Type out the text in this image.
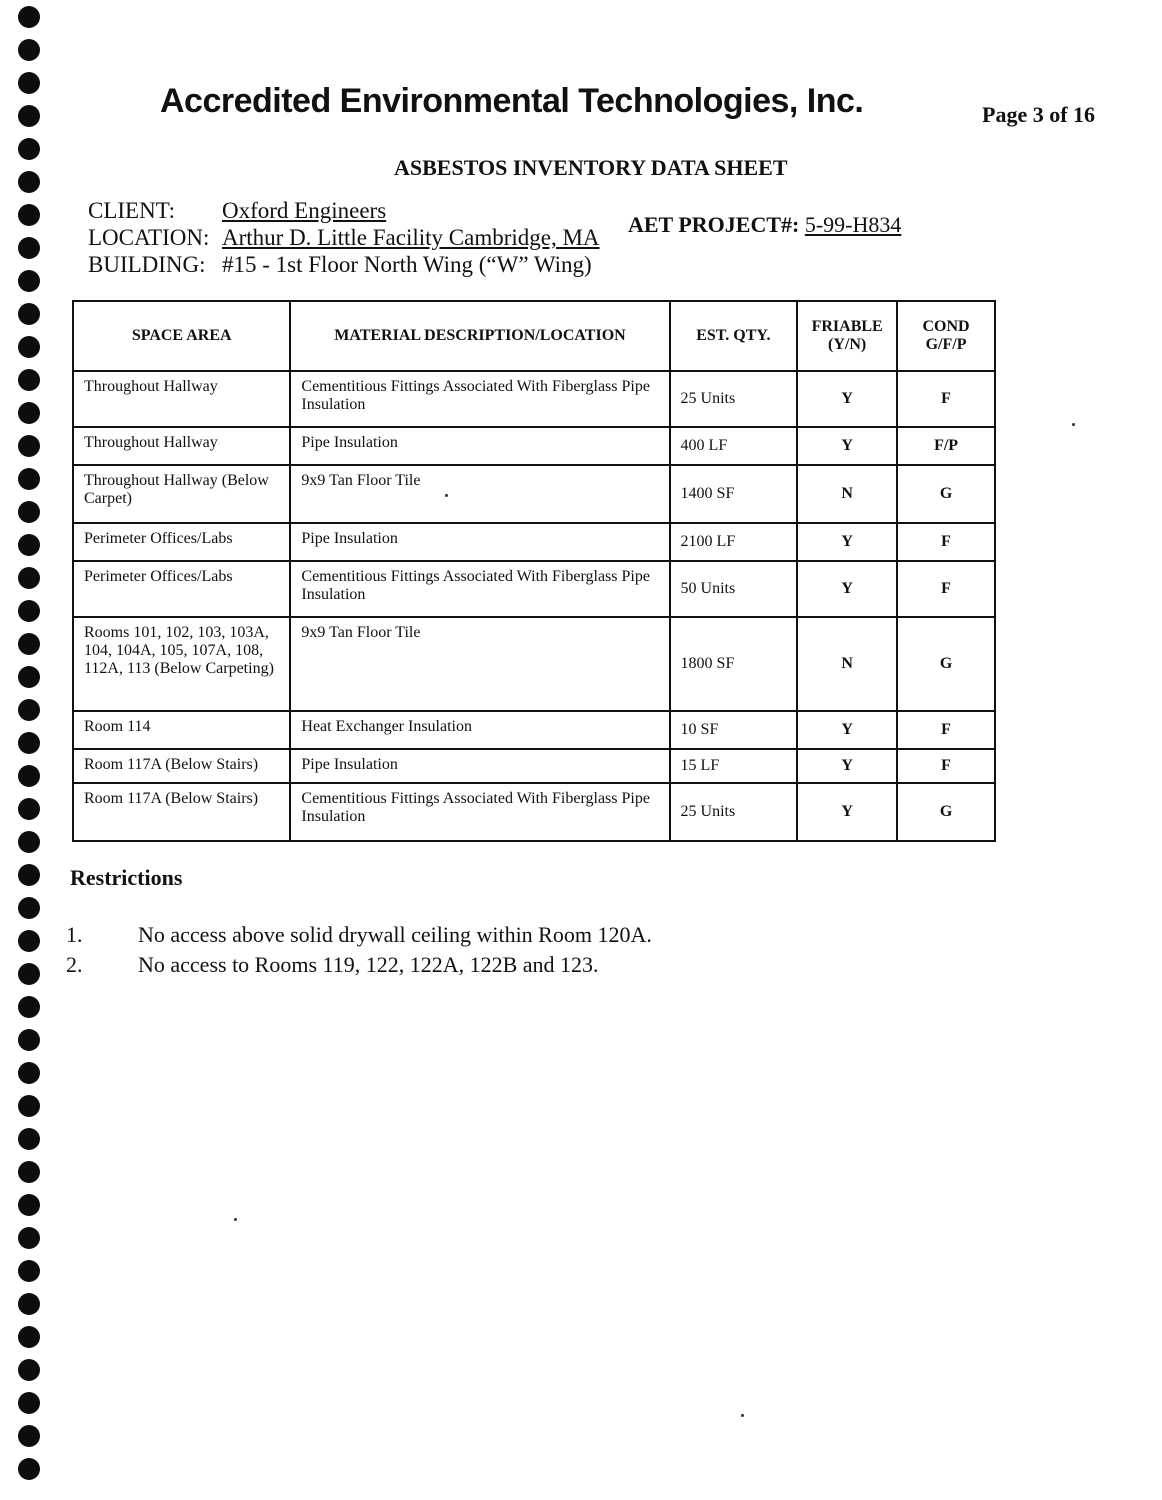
Accredited Environmental Technologies, Inc.	Page 3 of 16
ASBESTOS INVENTORY DATA SHEET
CLIENT: Oxford Engineers
LOCATION: Arthur D. Little Facility Cambridge, MA
BUILDING: #15 - 1st Floor North Wing (“W” Wing)
AET PROJECT#: 5-99-H834
SPACE AREA	MATERIAL DESCRIPTION/LOCATION	EST. QTY.	FRIABLE (Y/N)	COND G/F/P
Throughout Hallway	Cementitious Fittings Associated With Fiberglass Pipe Insulation	25 Units	Y	F
Throughout Hallway	Pipe Insulation	400 LF	Y	F/P
Throughout Hallway (Below Carpet)	9x9 Tan Floor Tile	1400 SF	N	G
Perimeter Offices/Labs	Pipe Insulation	2100 LF	Y	F
Perimeter Offices/Labs	Cementitious Fittings Associated With Fiberglass Pipe Insulation	50 Units	Y	F
Rooms 101, 102, 103, 103A, 104, 104A, 105, 107A, 108, 112A, 113 (Below Carpeting)	9x9 Tan Floor Tile	1800 SF	N	G
Room 114	Heat Exchanger Insulation	10 SF	Y	F
Room 117A (Below Stairs)	Pipe Insulation	15 LF	Y	F
Room 117A (Below Stairs)	Cementitious Fittings Associated With Fiberglass Pipe Insulation	25 Units	Y	G
Restrictions
1.	No access above solid drywall ceiling within Room 120A.
2.	No access to Rooms 119, 122, 122A, 122B and 123.
